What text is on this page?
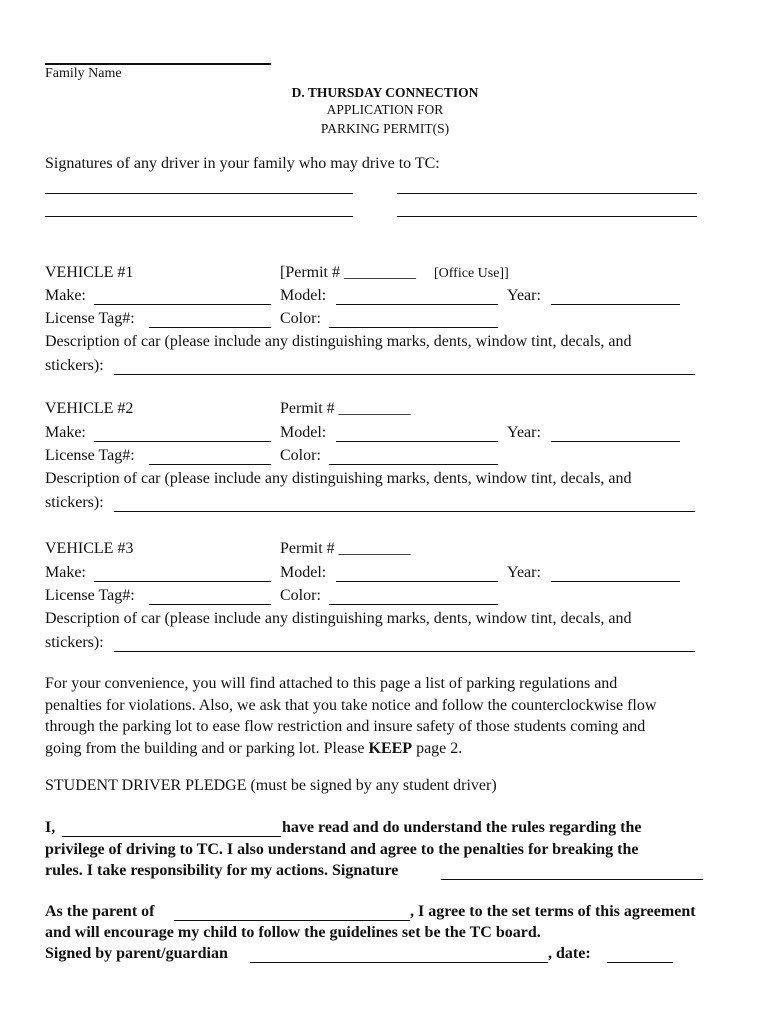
Family Name
D. THURSDAY CONNECTION
APPLICATION FOR
PARKING PERMIT(S)
Signatures of any driver in your family who may drive to TC:
VEHICLE #1	[Permit # _________ [Office Use]]
Make:	Model:	Year:
License Tag#:	Color:
Description of car (please include any distinguishing marks, dents, window tint, decals, and
stickers):
VEHICLE #2	Permit # _________
Make:	Model:	Year:
License Tag#:	Color:
Description of car (please include any distinguishing marks, dents, window tint, decals, and
stickers):
VEHICLE #3	Permit # _________
Make:	Model:	Year:
License Tag#:	Color:
Description of car (please include any distinguishing marks, dents, window tint, decals, and
stickers):
For your convenience, you will find attached to this page a list of parking regulations and
penalties for violations. Also, we ask that you take notice and follow the counterclockwise flow
through the parking lot to ease flow restriction and insure safety of those students coming and
going from the building and or parking lot. Please KEEP page 2.
STUDENT DRIVER PLEDGE (must be signed by any student driver)
I,	have read and do understand the rules regarding the
privilege of driving to TC. I also understand and agree to the penalties for breaking the
rules. I take responsibility for my actions. Signature
As the parent of	, I agree to the set terms of this agreement
and will encourage my child to follow the guidelines set be the TC board.
Signed by parent/guardian	, date:
